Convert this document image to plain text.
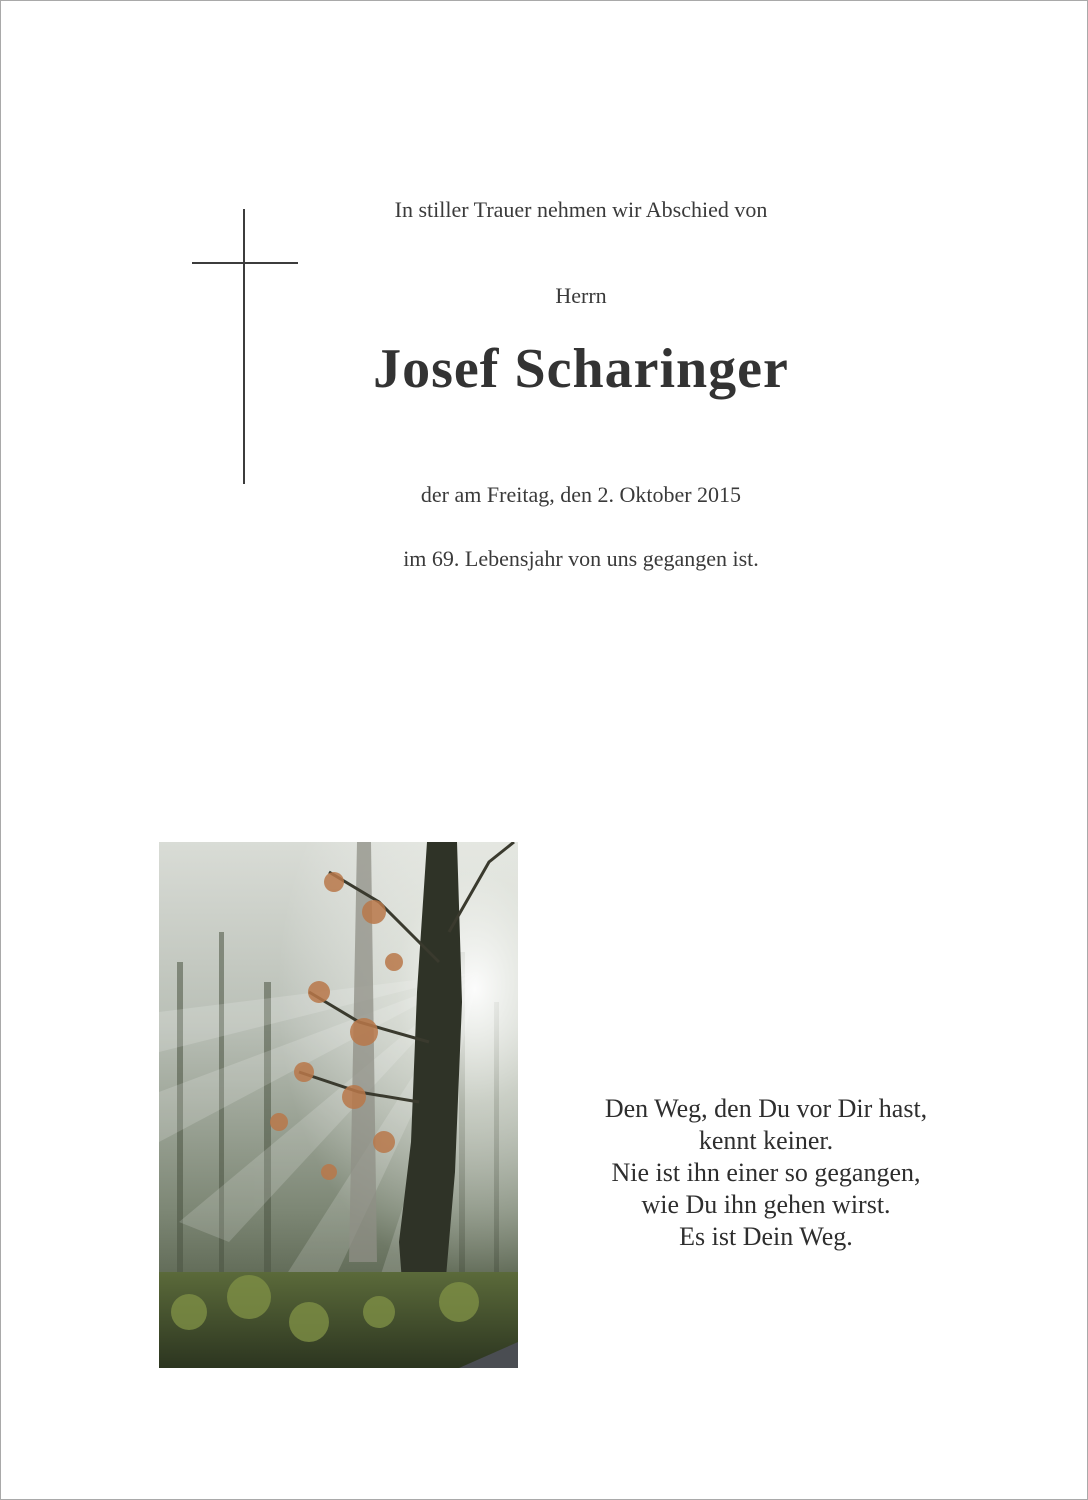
In stiller Trauer nehmen wir Abschied von
Herrn
Josef Scharinger
der am Freitag, den 2. Oktober 2015
im 69. Lebensjahr von uns gegangen ist.
Den Weg, den Du vor Dir hast,
kennt keiner.
Nie ist ihn einer so gegangen,
wie Du ihn gehen wirst.
Es ist Dein Weg.
